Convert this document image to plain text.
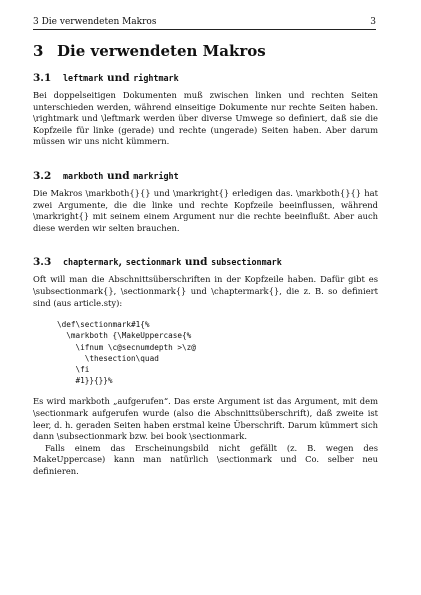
3 Die verwendeten Makros	3
3 Die verwendeten Makros
3.1 leftmark und rightmark

Bei doppelseitigen Dokumenten muß zwischen linken und rechten Seiten unterschieden werden, während einseitige Dokumente nur rechte Seiten haben. \rightmark und \leftmark werden über diverse Umwege so definiert, daß sie die Kopfzeile für linke (gerade) und rechte (ungerade) Seiten haben. Aber darum müssen wir uns nicht kümmern.

3.2 markboth und markright

Die Makros \markboth{}{} und \markright{} erledigen das. \markboth{}{} hat zwei Argumente, die die linke und rechte Kopfzeile beeinflussen, während \markright{} mit seinem einem Argument nur die rechte beeinflußt. Aber auch diese werden wir selten brauchen.

3.3 chaptermark, sectionmark und subsectionmark

Oft will man die Abschnittsüberschriften in der Kopfzeile haben. Dafür gibt es \subsectionmark{}, \sectionmark{} und \chaptermark{}, die z. B. so definiert sind (aus article.sty):

\def\sectionmark#1{%
\markboth {\MakeUppercase{%
\ifnum \c@secnumdepth >\z@
\thesection\quad
\fi
#1}}{}}%

Es wird markboth „aufgerufen“. Das erste Argument ist das Argument, mit dem \sectionmark aufgerufen wurde (also die Abschnittsüberschrift), daß zweite ist leer, d. h. geraden Seiten haben erstmal keine Überschrift. Darum kümmert sich dann \subsectionmark bzw. bei book \sectionmark.

Falls einem das Erscheinungsbild nicht gefällt (z. B. wegen des MakeUppercase) kann man natürlich \sectionmark und Co. selber neu definieren.
